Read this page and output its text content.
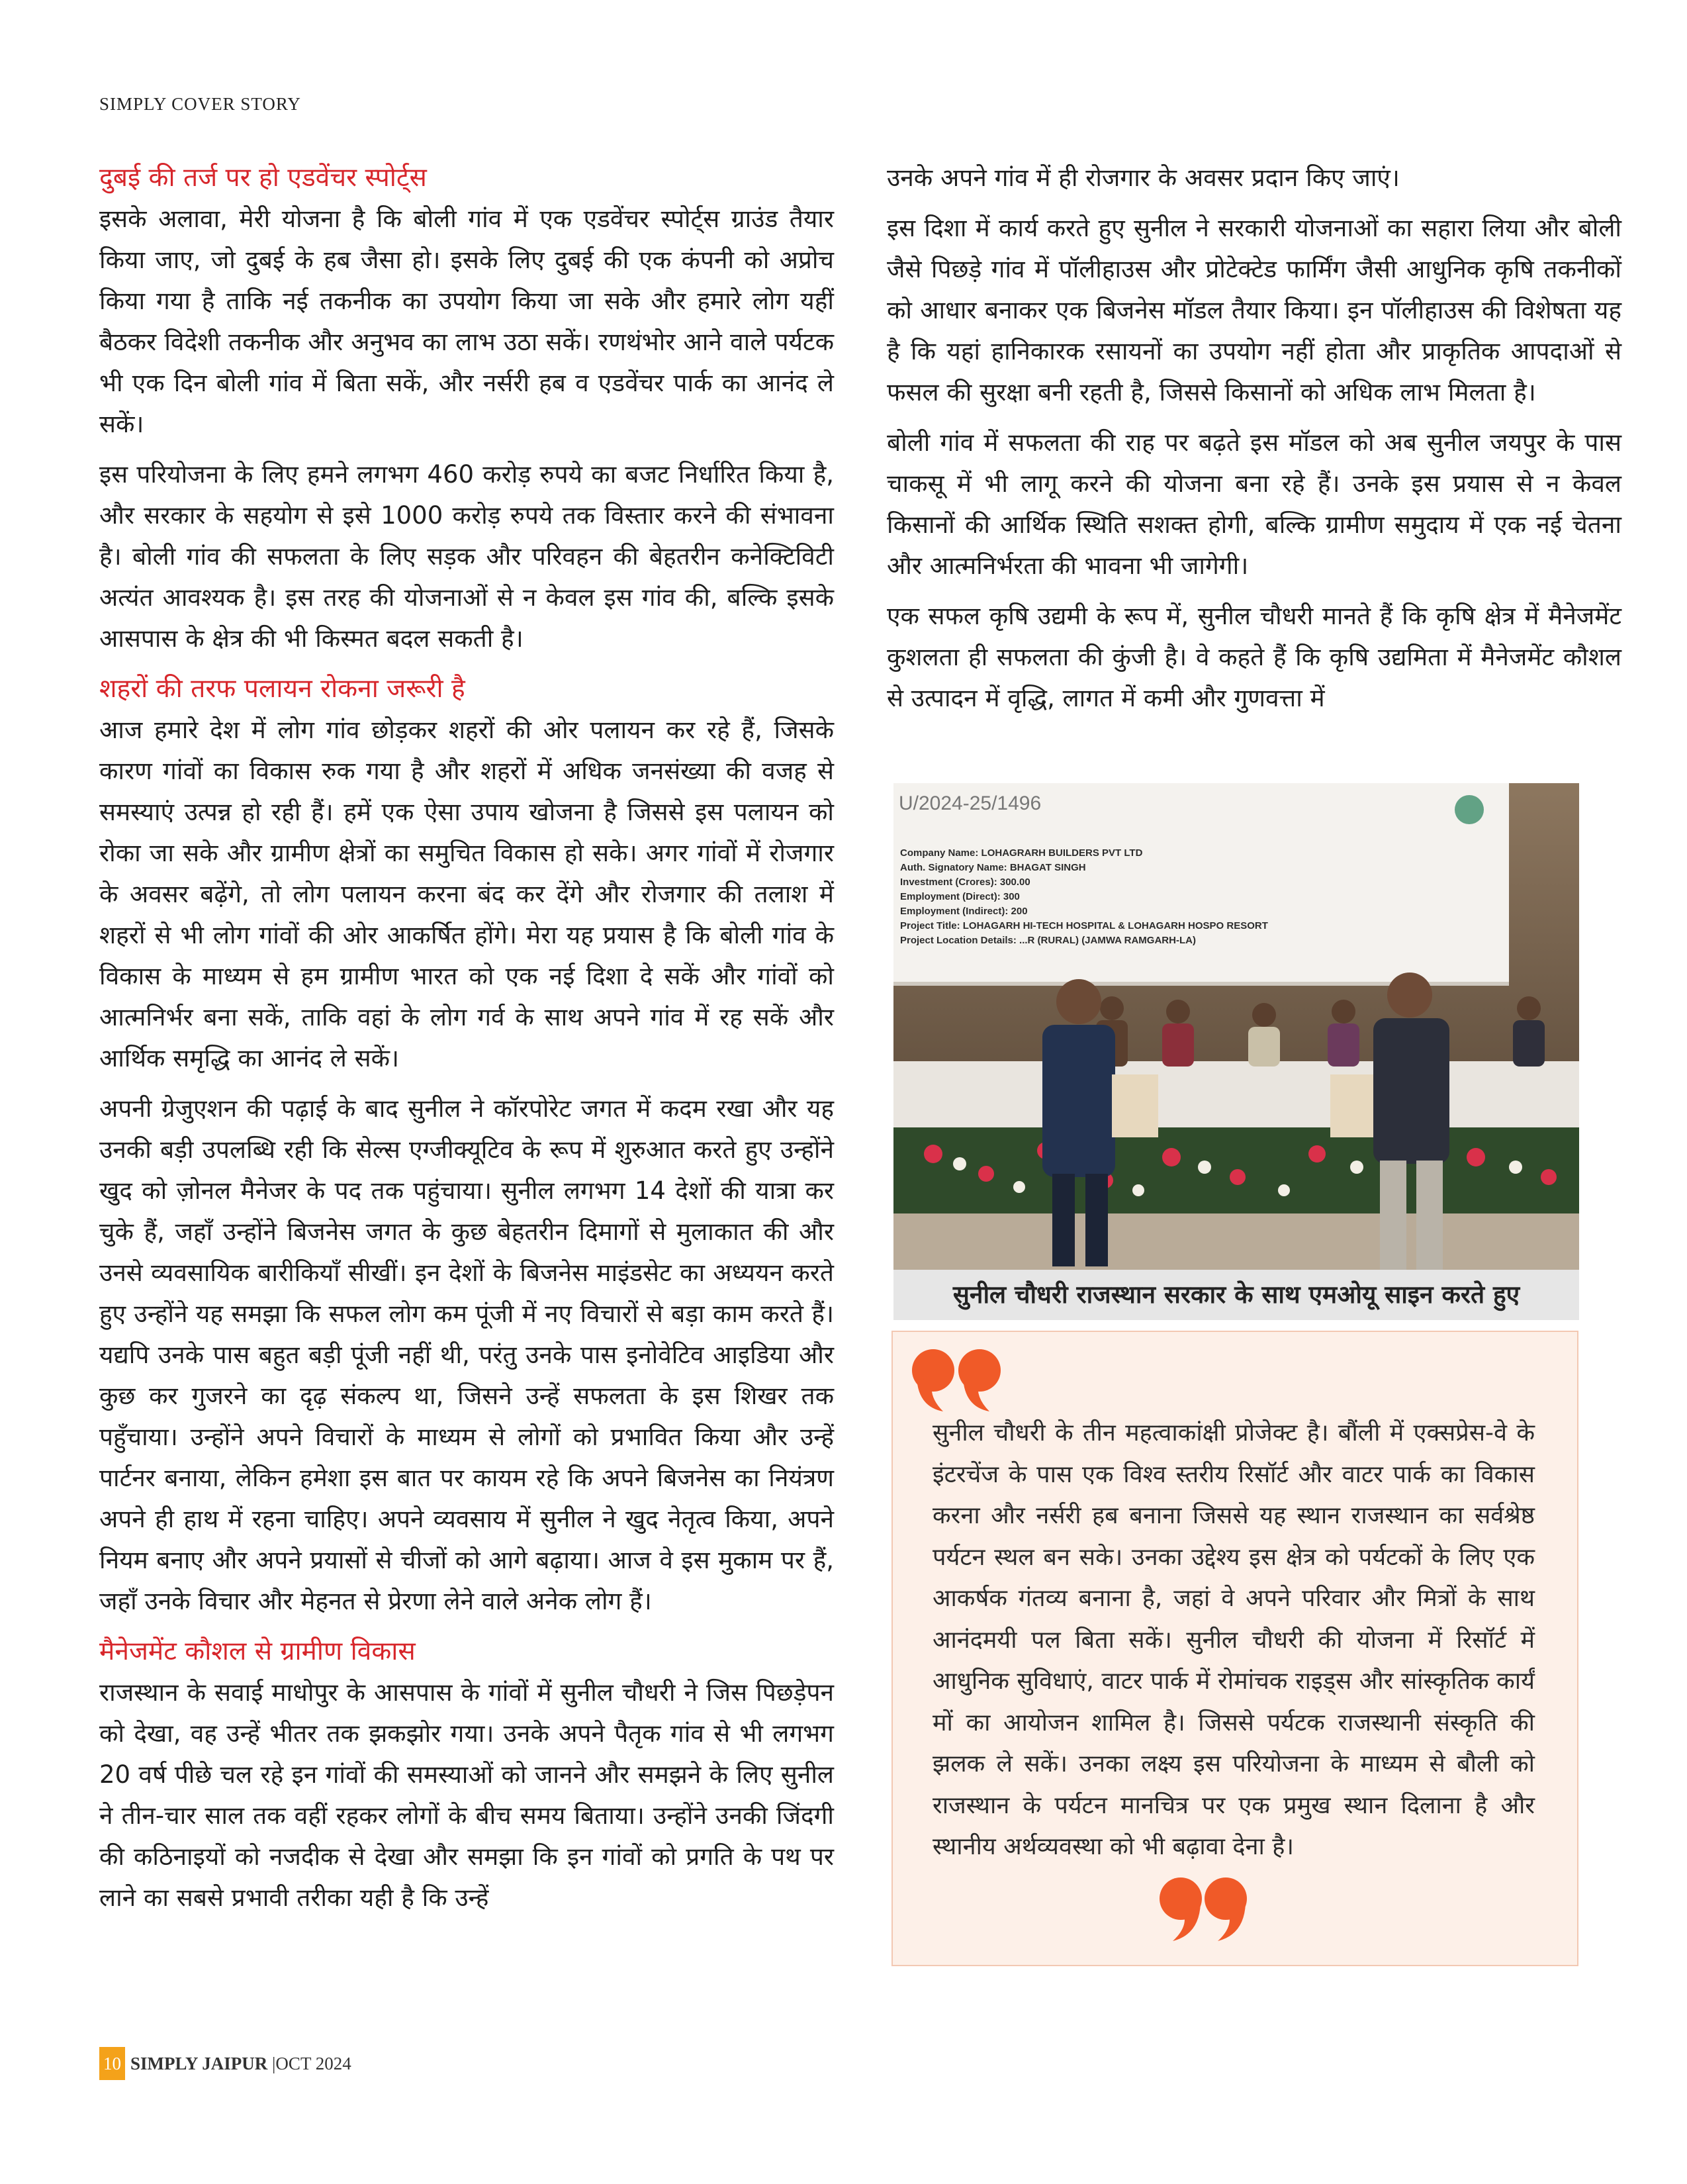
SIMPLY COVER STORY
दुबई की तर्ज पर हो एडवेंचर स्पोर्ट्स

इसके अलावा, मेरी योजना है कि बोली गांव में एक एडवेंचर स्पोर्ट्स ग्राउंड तैयार किया जाए, जो दुबई के हब जैसा हो। इसके लिए दुबई की एक कंपनी को अप्रोच किया गया है ताकि नई तकनीक का उपयोग किया जा सके और हमारे लोग यहीं बैठकर विदेशी तकनीक और अनुभव का लाभ उठा सकें। रणथंभोर आने वाले पर्यटक भी एक दिन बोली गांव में बिता सकें, और नर्सरी हब व एडवेंचर पार्क का आनंद ले सकें।

इस परियोजना के लिए हमने लगभग 460 करोड़ रुपये का बजट निर्धारित किया है, और सरकार के सहयोग से इसे 1000 करोड़ रुपये तक विस्तार करने की संभावना है। बोली गांव की सफलता के लिए सड़क और परिवहन की बेहतरीन कनेक्टिविटी अत्यंत आवश्यक है। इस तरह की योजनाओं से न केवल इस गांव की, बल्कि इसके आसपास के क्षेत्र की भी किस्मत बदल सकती है।

शहरों की तरफ पलायन रोकना जरूरी है

आज हमारे देश में लोग गांव छोड़कर शहरों की ओर पलायन कर रहे हैं, जिसके कारण गांवों का विकास रुक गया है और शहरों में अधिक जनसंख्या की वजह से समस्याएं उत्पन्न हो रही हैं। हमें एक ऐसा उपाय खोजना है जिससे इस पलायन को रोका जा सके और ग्रामीण क्षेत्रों का समुचित विकास हो सके। अगर गांवों में रोजगार के अवसर बढ़ेंगे, तो लोग पलायन करना बंद कर देंगे और रोजगार की तलाश में शहरों से भी लोग गांवों की ओर आकर्षित होंगे। मेरा यह प्रयास है कि बोली गांव के विकास के माध्यम से हम ग्रामीण भारत को एक नई दिशा दे सकें और गांवों को आत्मनिर्भर बना सकें, ताकि वहां के लोग गर्व के साथ अपने गांव में रह सकें और आर्थिक समृद्धि का आनंद ले सकें।

अपनी ग्रेजुएशन की पढ़ाई के बाद सुनील ने कॉरपोरेट जगत में कदम रखा और यह उनकी बड़ी उपलब्धि रही कि सेल्स एग्जीक्यूटिव के रूप में शुरुआत करते हुए उन्होंने खुद को ज़ोनल मैनेजर के पद तक पहुंचाया। सुनील लगभग 14 देशों की यात्रा कर चुके हैं, जहाँ उन्होंने बिजनेस जगत के कुछ बेहतरीन दिमागों से मुलाकात की और उनसे व्यवसायिक बारीकियाँ सीखीं। इन देशों के बिजनेस माइंडसेट का अध्ययन करते हुए उन्होंने यह समझा कि सफल लोग कम पूंजी में नए विचारों से बड़ा काम करते हैं। यद्यपि उनके पास बहुत बड़ी पूंजी नहीं थी, परंतु उनके पास इनोवेटिव आइडिया और कुछ कर गुजरने का दृढ़ संकल्प था, जिसने उन्हें सफलता के इस शिखर तक पहुँचाया। उन्होंने अपने विचारों के माध्यम से लोगों को प्रभावित किया और उन्हें पार्टनर बनाया, लेकिन हमेशा इस बात पर कायम रहे कि अपने बिजनेस का नियंत्रण अपने ही हाथ में रहना चाहिए। अपने व्यवसाय में सुनील ने खुद नेतृत्व किया, अपने नियम बनाए और अपने प्रयासों से चीजों को आगे बढ़ाया। आज वे इस मुकाम पर हैं, जहाँ उनके विचार और मेहनत से प्रेरणा लेने वाले अनेक लोग हैं।

मैनेजमेंट कौशल से ग्रामीण विकास

राजस्थान के सवाई माधोपुर के आसपास के गांवों में सुनील चौधरी ने जिस पिछड़ेपन को देखा, वह उन्हें भीतर तक झकझोर गया। उनके अपने पैतृक गांव से भी लगभग 20 वर्ष पीछे चल रहे इन गांवों की समस्याओं को जानने और समझने के लिए सुनील ने तीन-चार साल तक वहीं रहकर लोगों के बीच समय बिताया। उन्होंने उनकी जिंदगी की कठिनाइयों को नजदीक से देखा और समझा कि इन गांवों को प्रगति के पथ पर लाने का सबसे प्रभावी तरीका यही है कि उन्हें

उनके अपने गांव में ही रोजगार के अवसर प्रदान किए जाएं।

इस दिशा में कार्य करते हुए सुनील ने सरकारी योजनाओं का सहारा लिया और बोली जैसे पिछड़े गांव में पॉलीहाउस और प्रोटेक्टेड फार्मिंग जैसी आधुनिक कृषि तकनीकों को आधार बनाकर एक बिजनेस मॉडल तैयार किया। इन पॉलीहाउस की विशेषता यह है कि यहां हानिकारक रसायनों का उपयोग नहीं होता और प्राकृतिक आपदाओं से फसल की सुरक्षा बनी रहती है, जिससे किसानों को अधिक लाभ मिलता है।

बोली गांव में सफलता की राह पर बढ़ते इस मॉडल को अब सुनील जयपुर के पास चाकसू में भी लागू करने की योजना बना रहे हैं। उनके इस प्रयास से न केवल किसानों की आर्थिक स्थिति सशक्त होगी, बल्कि ग्रामीण समुदाय में एक नई चेतना और आत्मनिर्भरता की भावना भी जागेगी।

एक सफल कृषि उद्यमी के रूप में, सुनील चौधरी मानते हैं कि कृषि क्षेत्र में मैनेजमेंट कुशलता ही सफलता की कुंजी है। वे कहते हैं कि कृषि उद्यमिता में मैनेजमेंट कौशल से उत्पादन में वृद्धि, लागत में कमी और गुणवत्ता में

U/2024-25/1496
Company Name: LOHAGRARH BUILDERS PVT LTD
Auth. Signatory Name: BHAGAT SINGH
Investment (Crores): 300.00
Employment (Direct): 300
Employment (Indirect): 200
Project Title: LOHAGARH HI-TECH HOSPITAL & LOHAGARH HOSPO RESORT
Project Location Details: ...R (RURAL) (JAMWA RAMGARH-LA)
सुनील चौधरी राजस्थान सरकार के साथ एमओयू साइन करते हुए

सुनील चौधरी के तीन महत्वाकांक्षी प्रोजेक्ट है। बौंली में एक्सप्रेस-वे के इंटरचेंज के पास एक विश्व स्तरीय रिसॉर्ट और वाटर पार्क का विकास करना और नर्सरी हब बनाना जिससे यह स्थान राजस्थान का सर्वश्रेष्ठ पर्यटन स्थल बन सके। उनका उद्देश्य इस क्षेत्र को पर्यटकों के लिए एक आकर्षक गंतव्य बनाना है, जहां वे अपने परिवार और मित्रों के साथ आनंदमयी पल बिता सकें। सुनील चौधरी की योजना में रिसॉर्ट में आधुनिक सुविधाएं, वाटर पार्क में रोमांचक राइड्स और सांस्कृतिक कार्यं मों का आयोजन शामिल है। जिससे पर्यटक राजस्थानी संस्कृति की झलक ले सकें। उनका लक्ष्य इस परियोजना के माध्यम से बौली को राजस्थान के पर्यटन मानचित्र पर एक प्रमुख स्थान दिलाना है और स्थानीय अर्थव्यवस्था को भी बढ़ावा देना है।

10 SIMPLY JAIPUR |OCT 2024
